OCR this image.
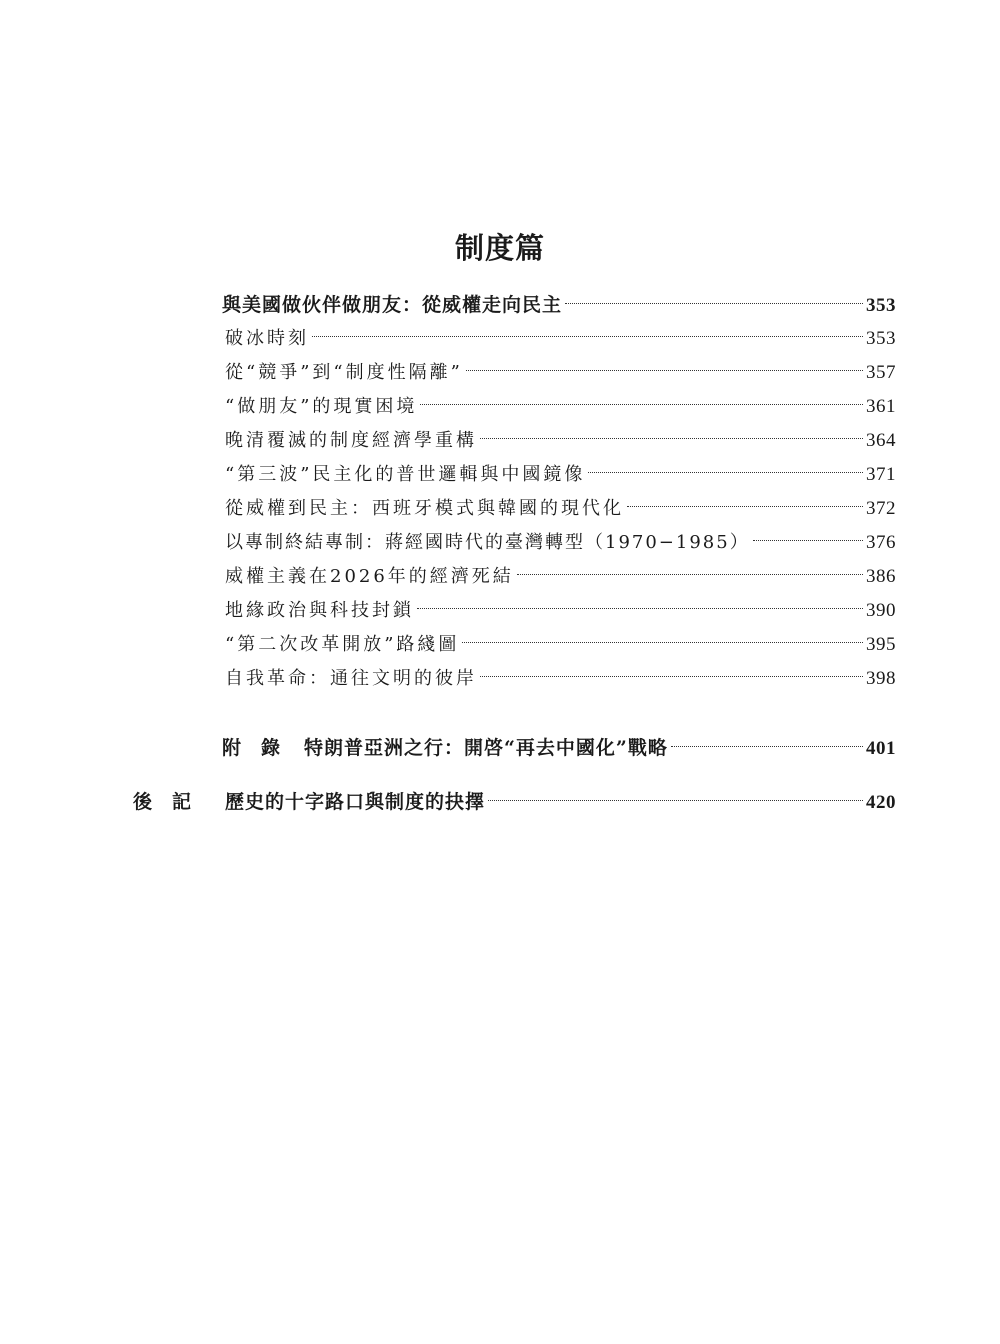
制度篇
與美國做伙伴做朋友：從威權走向民主	353
破冰時刻	353
從“競爭”到“制度性隔離”	357
“做朋友”的現實困境	361
晚清覆滅的制度經濟學重構	364
“第三波”民主化的普世邏輯與中國鏡像	371
從威權到民主：西班牙模式與韓國的現代化	372
以專制終結專制：蔣經國時代的臺灣轉型（1970−1985）	376
威權主義在2026年的經濟死結	386
地緣政治與科技封鎖	390
“第二次改革開放”路綫圖	395
自我革命：通往文明的彼岸	398
附錄 特朗普亞洲之行：開啓“再去中國化”戰略	401
後記 歷史的十字路口與制度的抉擇	420
